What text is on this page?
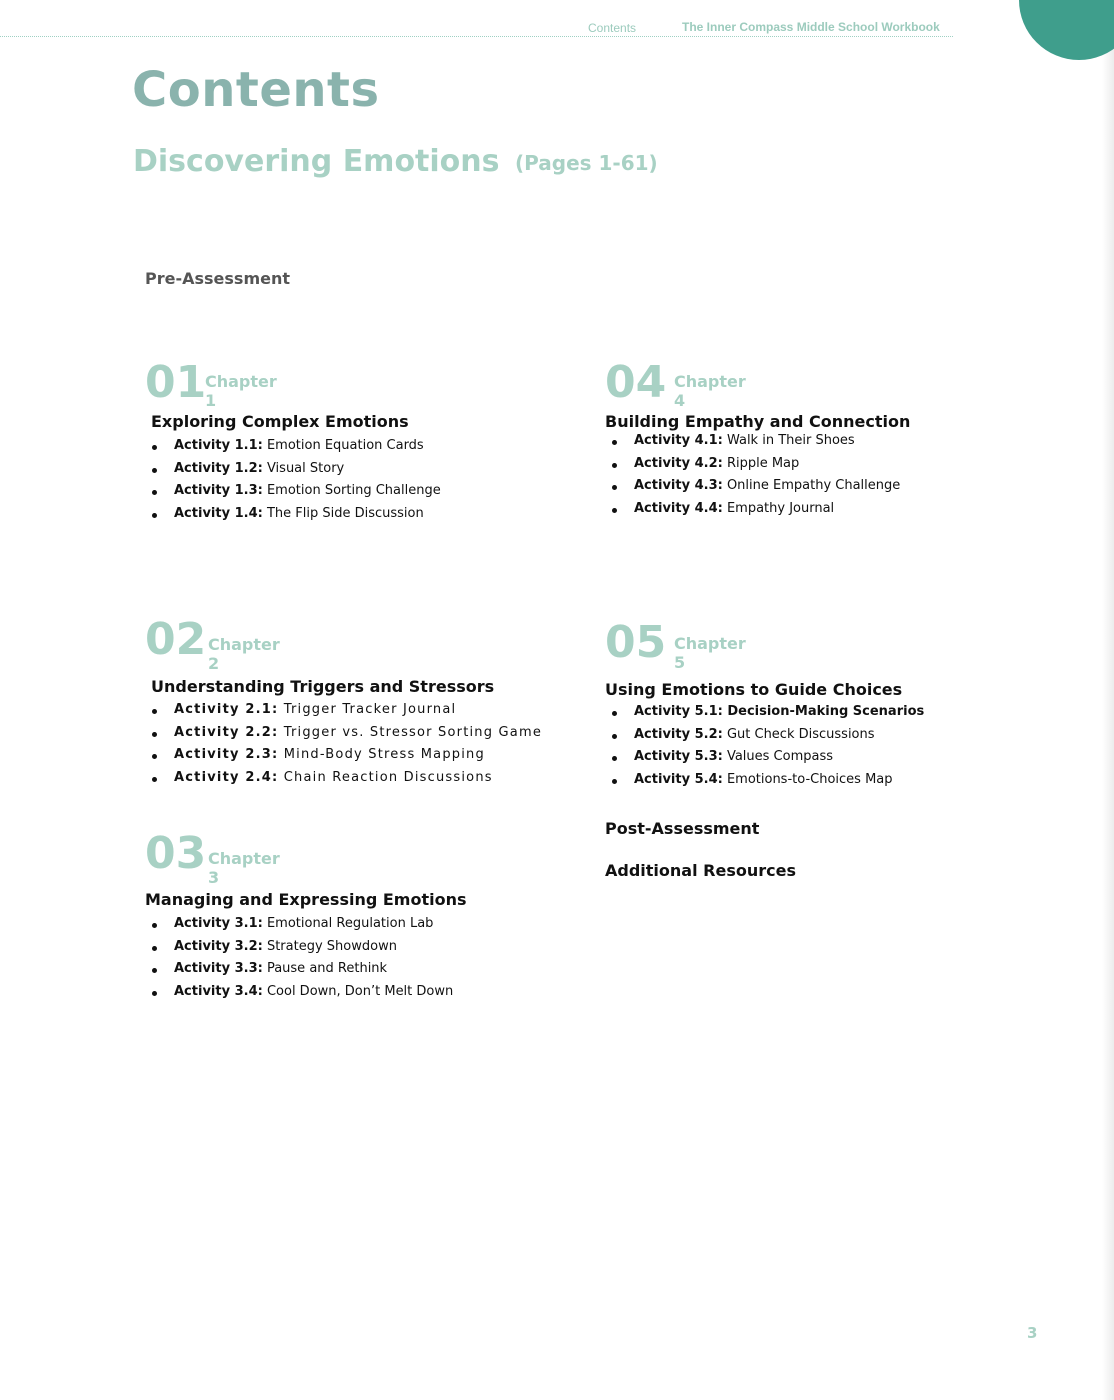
Contents	The Inner Compass Middle School Workbook
Contents
Discovering Emotions (Pages 1-61)
Pre-Assessment
01
Chapter 1
Exploring Complex Emotions
Activity 1.1: Emotion Equation Cards
Activity 1.2: Visual Story
Activity 1.3: Emotion Sorting Challenge
Activity 1.4: The Flip Side Discussion
02 Chapter 2
Understanding Triggers and Stressors
Activity 2.1: Trigger Tracker Journal
Activity 2.2: Trigger vs. Stressor Sorting Game
Activity 2.3: Mind-Body Stress Mapping
Activity 2.4: Chain Reaction Discussions
03 Chapter 3
Managing and Expressing Emotions
Activity 3.1: Emotional Regulation Lab
Activity 3.2: Strategy Showdown
Activity 3.3: Pause and Rethink
Activity 3.4: Cool Down, Don’t Melt Down
04 Chapter 4
Building Empathy and Connection
Activity 4.1: Walk in Their Shoes
Activity 4.2: Ripple Map
Activity 4.3: Online Empathy Challenge
Activity 4.4: Empathy Journal
05 Chapter 5
Using Emotions to Guide Choices
Activity 5.1: Decision-Making Scenarios
Activity 5.2: Gut Check Discussions
Activity 5.3: Values Compass
Activity 5.4: Emotions-to-Choices Map
Post-Assessment
Additional Resources
3
